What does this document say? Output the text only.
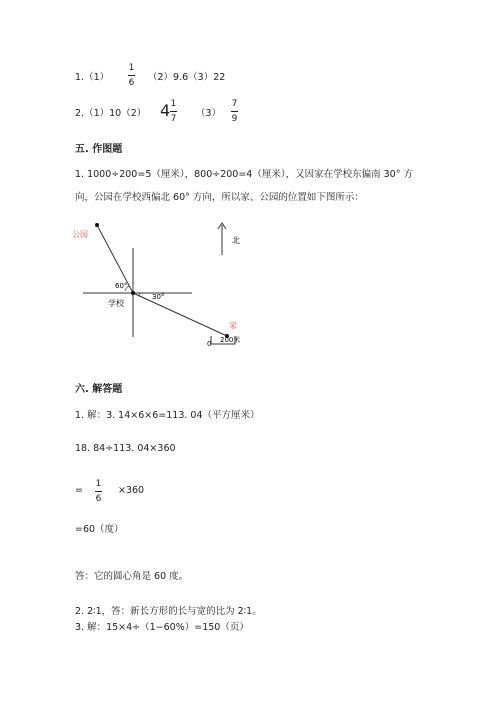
1.（1）
1
6 （2）9.6（3）22
2.（1）10（2） 4 1
7 （3）
7
9
五. 作图题
1. 1000÷200=5（厘米），800÷200=4（厘米），又因家在学校东偏南 30° 方
向，公园在学校西偏北 60° 方向，所以家、公园的位置如下图所示：
公园
60°
30°
学校
家
北
0 200米
六. 解答题
1. 解：3. 14×6×6=113. 04（平方厘米）
18. 84÷113. 04×360
=
1
6
×360
=60（度）
答：它的圆心角是 60 度。
2. 2∶1，答：新长方形的长与宽的比为 2∶1。
3. 解：15×4÷（1−60%）=150（页）
